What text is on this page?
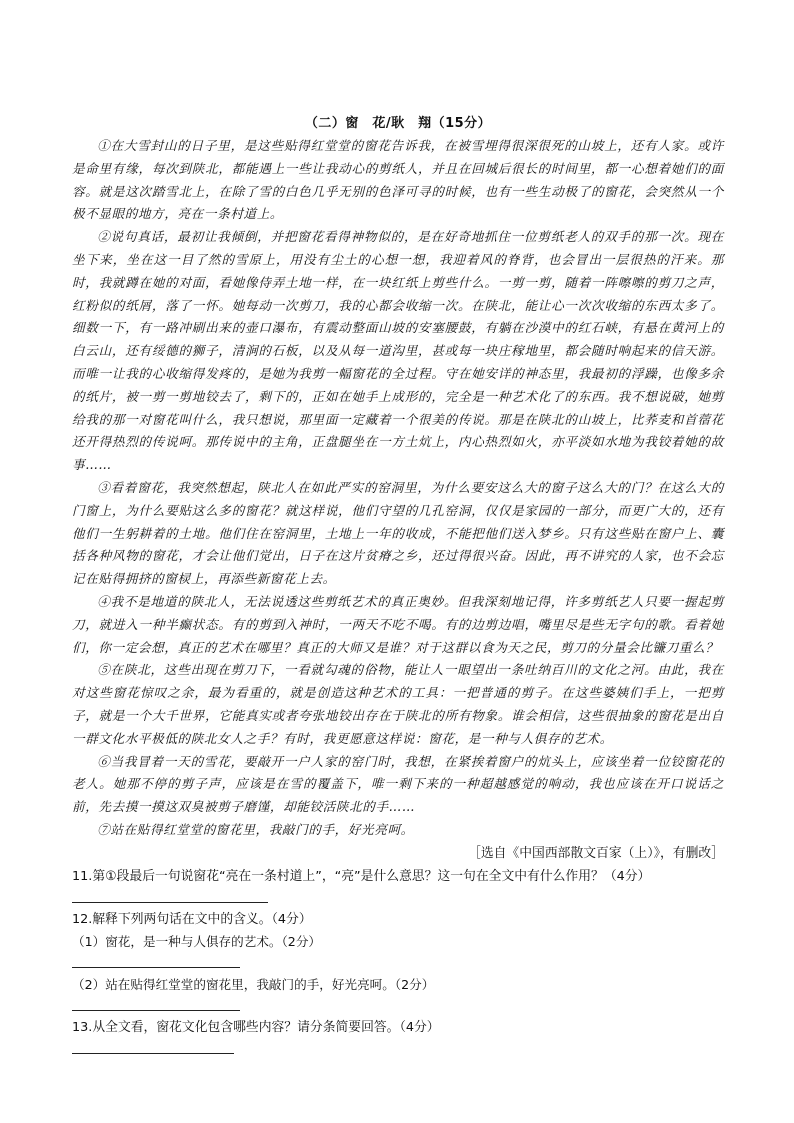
（二）窗　花/耿　翔（15分）

①在大雪封山的日子里，是这些贴得红堂堂的窗花告诉我，在被雪埋得很深很死的山坡上，还有人家。或许是命里有缘，每次到陕北，都能遇上一些让我动心的剪纸人，并且在回城后很长的时间里，都一心想着她们的面容。就是这次踏雪北上，在除了雪的白色几乎无别的色泽可寻的时候，也有一些生动极了的窗花，会突然从一个极不显眼的地方，亮在一条村道上。

②说句真话，最初让我倾倒，并把窗花看得神物似的，是在好奇地抓住一位剪纸老人的双手的那一次。现在坐下来，坐在这一目了然的雪原上，用没有尘土的心想一想，我迎着风的脊背，也会冒出一层很热的汗来。那时，我就蹲在她的对面，看她像侍弄土地一样，在一块红纸上剪些什么。一剪一剪，随着一阵嚓嚓的剪刀之声，红粉似的纸屑，落了一怀。她每动一次剪刀，我的心都会收缩一次。在陕北，能让心一次次收缩的东西太多了。细数一下，有一路冲刷出来的壶口瀑布，有震动整面山坡的安塞腰鼓，有躺在沙漠中的红石峡，有悬在黄河上的白云山，还有绥德的狮子，清涧的石板，以及从每一道沟里，甚或每一块庄稼地里，都会随时响起来的信天游。而唯一让我的心收缩得发疼的，是她为我剪一幅窗花的全过程。守在她安详的神态里，我最初的浮躁，也像多余的纸片，被一剪一剪地铰去了，剩下的，正如在她手上成形的，完全是一种艺术化了的东西。我不想说破，她剪给我的那一对窗花叫什么，我只想说，那里面一定藏着一个很美的传说。那是在陕北的山坡上，比荞麦和首蓿花还开得热烈的传说呵。那传说中的主角，正盘腿坐在一方土炕上，内心热烈如火，亦平淡如水地为我铰着她的故事……

③看着窗花，我突然想起，陕北人在如此严实的窑洞里，为什么要安这么大的窗子这么大的门？在这么大的门窗上，为什么要贴这么多的窗花？就这样说，他们守望的几孔窑洞，仅仅是家园的一部分，而更广大的，还有他们一生躬耕着的土地。他们住在窑洞里，土地上一年的收成，不能把他们送入梦乡。只有这些贴在窗户上、囊括各种风物的窗花，才会让他们觉出，日子在这片贫瘠之乡，还过得很兴奋。因此，再不讲究的人家，也不会忘记在贴得拥挤的窗棂上，再添些新窗花上去。

④我不是地道的陕北人，无法说透这些剪纸艺术的真正奥妙。但我深刻地记得，许多剪纸艺人只要一握起剪刀，就进入一种半癫状态。有的剪到入神时，一两天不吃不喝。有的边剪边唱，嘴里尽是些无字句的歌。看着她们，你一定会想，真正的艺术在哪里？真正的大师又是谁？对于这群以食为天之民，剪刀的分量会比镰刀重么？

⑤在陕北，这些出现在剪刀下，一看就勾魂的俗物，能让人一眼望出一条吐纳百川的文化之河。由此，我在对这些窗花惊叹之余，最为看重的，就是创造这种艺术的工具：一把普通的剪子。在这些婆姨们手上，一把剪子，就是一个大千世界，它能真实或者夸张地铰出存在于陕北的所有物象。谁会相信，这些很抽象的窗花是出自一群文化水平极低的陕北女人之手？有时，我更愿意这样说：窗花，是一种与人俱存的艺术。

⑥当我冒着一天的雪花，要敲开一户人家的窑门时，我想，在紧挨着窗户的炕头上，应该坐着一位铰窗花的老人。她那不停的剪子声，应该是在雪的覆盖下，唯一剩下来的一种超越感觉的响动，我也应该在开口说话之前，先去摸一摸这双臭被剪子磨馑，却能铰活陕北的手……

⑦站在贴得红堂堂的窗花里，我敲门的手，好光亮呵。

［选自《中国西部散文百家（上）》，有删改］

11.第①段最后一句说窗花“亮在一条村道上”，“亮”是什么意思？这一句在全文中有什么作用？（4分）

12.解释下列两句话在文中的含义。（4分）

（1）窗花，是一种与人俱存的艺术。（2分）

（2）站在贴得红堂堂的窗花里，我敲门的手，好光亮呵。（2分）

13.从全文看，窗花文化包含哪些内容？请分条简要回答。（4分）
